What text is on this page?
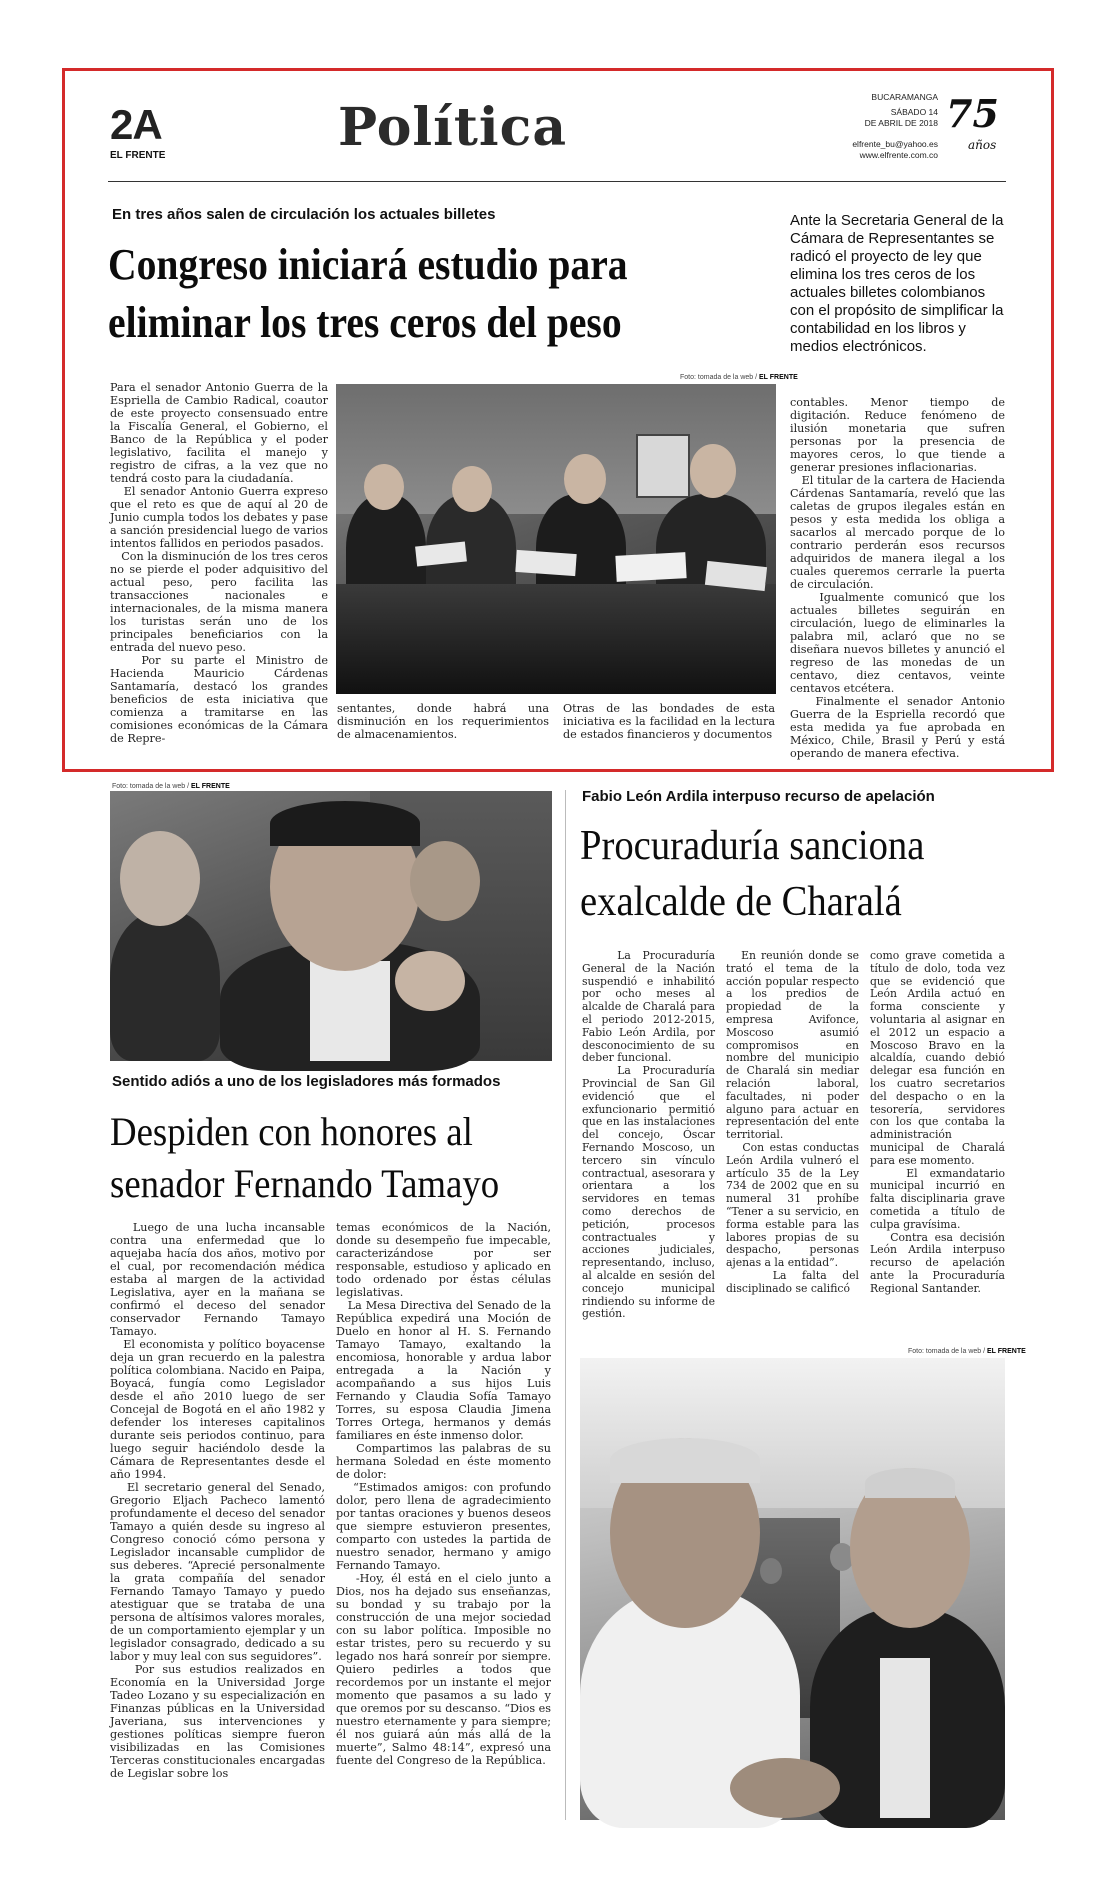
2A
EL FRENTE	Política	BUCARAMANGA
SÁBADO 14
DE ABRIL DE 2018
elfrente_bu@yahoo.es
www.elfrente.com.co
75
años
En tres años salen de circulación los actuales billetes
Congreso iniciará estudio para
eliminar los tres ceros del peso
Ante la Secretaria General de la Cámara de Representantes se radicó el proyecto de ley que elimina los tres ceros de los actuales billetes colombianos con el propósito de simplificar la contabilidad en los libros y medios electrónicos.
Foto: tomada de la web / EL FRENTE

Para el senador Antonio Guerra de la Espriella de Cambio Radical, coautor de este proyecto consensuado entre la Fiscalía General, el Gobierno, el Banco de la República y el poder legislativo, facilita el manejo y registro de cifras, a la vez que no tendrá costo para la ciudadanía.
El senador Antonio Guerra expreso que el reto es que de aquí al 20 de Junio cumpla todos los debates y pase a sanción presidencial luego de varios intentos fallidos en periodos pasados.
Con la disminución de los tres ceros no se pierde el poder adquisitivo del actual peso, pero facilita las transacciones nacionales e internacionales, de la misma manera los turistas serán uno de los principales beneficiarios con la entrada del nuevo peso.
Por su parte el Ministro de Hacienda Mauricio Cárdenas Santamaría, destacó los grandes beneficios de esta iniciativa que comienza a tramitarse en las comisiones económicas de la Cámara de Repre-

sentantes, donde habrá una disminución en los requerimientos de almacenamientos.

Otras de las bondades de esta iniciativa es la facilidad en la lectura de estados financieros y documentos

contables. Menor tiempo de digitación. Reduce fenómeno de ilusión monetaria que sufren personas por la presencia de mayores ceros, lo que tiende a generar presiones inflacionarias.
El titular de la cartera de Hacienda Cárdenas Santamaría, reveló que las caletas de grupos ilegales están en pesos y esta medida los obliga a sacarlos al mercado porque de lo contrario perderán esos recursos adquiridos de manera ilegal a los cuales queremos cerrarle la puerta de circulación.
Igualmente comunicó que los actuales billetes seguirán en circulación, luego de eliminarles la palabra mil, aclaró que no se diseñara nuevos billetes y anunció el regreso de las monedas de un centavo, diez centavos, veinte centavos etcétera.
Finalmente el senador Antonio Guerra de la Espriella recordó que esta medida ya fue aprobada en México, Chile, Brasil y Perú y está operando de manera efectiva.

Foto: tomada de la web / EL FRENTE
Sentido adiós a uno de los legisladores más formados
Despiden con honores al
senador Fernando Tamayo

Luego de una lucha incansable contra una enfermedad que lo aquejaba hacía dos años, motivo por el cual, por recomendación médica estaba al margen de la actividad Legislativa, ayer en la mañana se confirmó el deceso del senador conservador Fernando Tamayo Tamayo.
El economista y político boyacense deja un gran recuerdo en la palestra política colombiana. Nacido en Paipa, Boyacá, fungía como Legislador desde el año 2010 luego de ser Concejal de Bogotá en el año 1982 y defender los intereses capitalinos durante seis periodos continuo, para luego seguir haciéndolo desde la Cámara de Representantes desde el año 1994.
El secretario general del Senado, Gregorio Eljach Pacheco lamentó profundamente el deceso del senador Tamayo a quién desde su ingreso al Congreso conoció cómo persona y Legislador incansable cumplidor de sus deberes. “Aprecié personalmente la grata compañía del senador Fernando Tamayo Tamayo y puedo atestiguar que se trataba de una persona de altísimos valores morales, de un comportamiento ejemplar y un legislador consagrado, dedicado a su labor y muy leal con sus seguidores”.
Por sus estudios realizados en Economía en la Universidad Jorge Tadeo Lozano y su especialización en Finanzas públicas en la Universidad Javeriana, sus intervenciones y gestiones políticas siempre fueron visibilizadas en las Comisiones Terceras constitucionales encargadas de Legislar sobre los

temas económicos de la Nación, donde su desempeño fue impecable, caracterizándose por ser responsable, estudioso y aplicado en todo ordenado por éstas células legislativas.
La Mesa Directiva del Senado de la República expedirá una Moción de Duelo en honor al H. S. Fernando Tamayo Tamayo, exaltando la encomiosa, honorable y ardua labor entregada a la Nación y acompañando a sus hijos Luis Fernando y Claudia Sofía Tamayo Torres, su esposa Claudia Jimena Torres Ortega, hermanos y demás familiares en éste inmenso dolor.
Compartimos las palabras de su hermana Soledad en éste momento de dolor:
“Estimados amigos: con profundo dolor, pero llena de agradecimiento por tantas oraciones y buenos deseos que siempre estuvieron presentes, comparto con ustedes la partida de nuestro senador, hermano y amigo Fernando Tamayo.
-Hoy, él está en el cielo junto a Dios, nos ha dejado sus enseñanzas, su bondad y su trabajo por la construcción de una mejor sociedad con su labor política. Imposible no estar tristes, pero su recuerdo y su legado nos hará sonreír por siempre. Quiero pedirles a todos que recordemos por un instante el mejor momento que pasamos a su lado y que oremos por su descanso. “Dios es nuestro eternamente y para siempre; él nos guiará aún más allá de la muerte”, Salmo 48:14”, expresó una fuente del Congreso de la República.

Fabio León Ardila interpuso recurso de apelación
Procuraduría sanciona
exalcalde de Charalá

La Procuraduría General de la Nación suspendió e inhabilitó por ocho meses al alcalde de Charalá para el periodo 2012-2015, Fabio León Ardila, por desconocimiento de su deber funcional.
La Procuraduría Provincial de San Gil evidenció que el exfuncionario permitió que en las instalaciones del concejo, Óscar Fernando Moscoso, un tercero sin vínculo contractual, asesorara y orientara a los servidores en temas como derechos de petición, procesos contractuales y acciones judiciales, representando, incluso, al alcalde en sesión del concejo municipal rindiendo su informe de gestión.

En reunión donde se trató el tema de la acción popular respecto a los predios de propiedad de la empresa Avifonce, Moscoso asumió compromisos en nombre del municipio de Charalá sin mediar relación laboral, facultades, ni poder alguno para actuar en representación del ente territorial.
Con estas conductas León Ardila vulneró el artículo 35 de la Ley 734 de 2002 que en su numeral 31 prohíbe “Tener a su servicio, en forma estable para las labores propias de su despacho, personas ajenas a la entidad”.
La falta del disciplinado se calificó

como grave cometida a título de dolo, toda vez que se evidenció que León Ardila actuó en forma consciente y voluntaria al asignar en el 2012 un espacio a Moscoso Bravo en la alcaldía, cuando debió delegar esa función en los cuatro secretarios del despacho o en la tesorería, servidores con los que contaba la administración municipal de Charalá para ese momento.
El exmandatario municipal incurrió en falta disciplinaria grave cometida a título de culpa gravísima.
Contra esa decisión León Ardila interpuso recurso de apelación ante la Procuraduría Regional Santander.

Foto: tomada de la web / EL FRENTE
